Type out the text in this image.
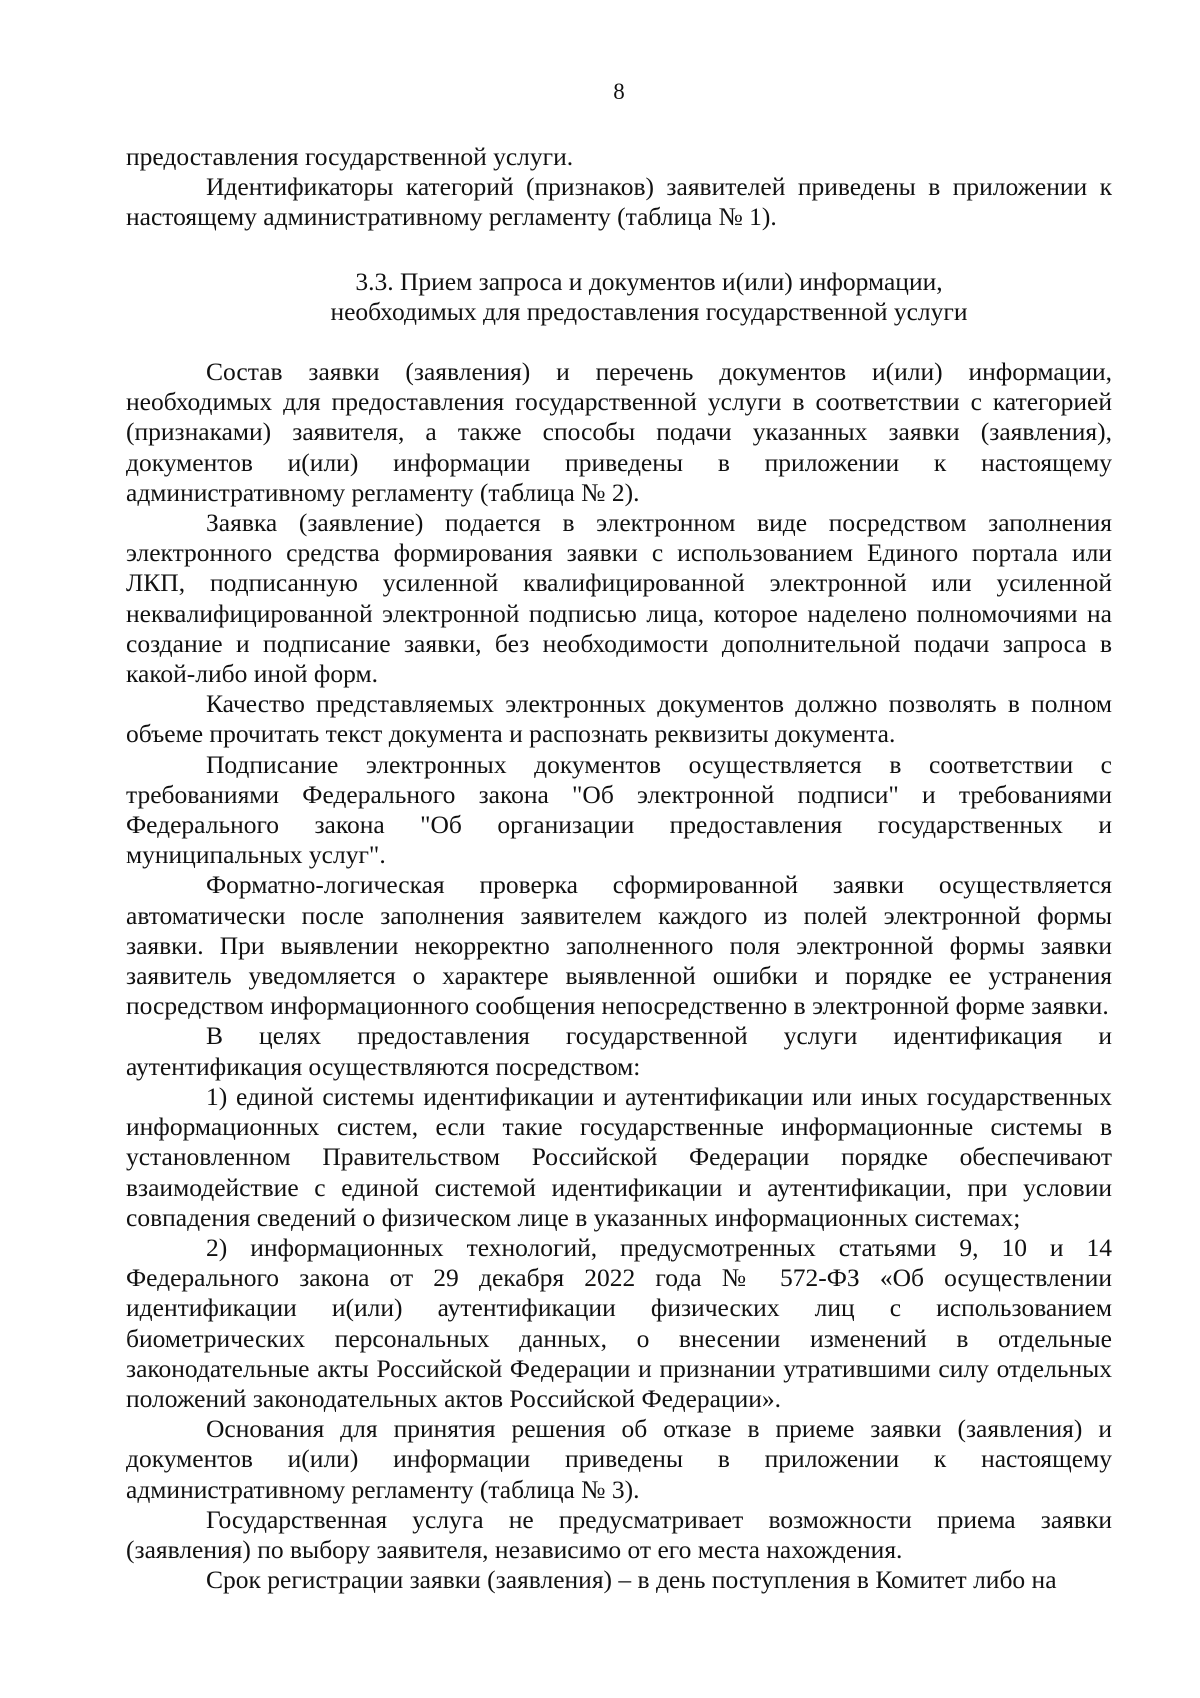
8

предоставления государственной услуги.

Идентификаторы категорий (признаков) заявителей приведены в приложении к настоящему административному регламенту (таблица № 1).

3.3. Прием запроса и документов и(или) информации,
необходимых для предоставления государственной услуги

Состав заявки (заявления) и перечень документов и(или) информации, необходимых для предоставления государственной услуги в соответствии с категорией (признаками) заявителя, а также способы подачи указанных заявки (заявления), документов и(или) информации приведены в приложении к настоящему административному регламенту (таблица № 2).

Заявка (заявление) подается в электронном виде посредством заполнения электронного средства формирования заявки с использованием Единого портала или ЛКП, подписанную усиленной квалифицированной электронной или усиленной неквалифицированной электронной подписью лица, которое наделено полномочиями на создание и подписание заявки, без необходимости дополнительной подачи запроса в какой-либо иной форм.

Качество представляемых электронных документов должно позволять в полном объеме прочитать текст документа и распознать реквизиты документа.

Подписание электронных документов осуществляется в соответствии с требованиями Федерального закона "Об электронной подписи" и требованиями Федерального закона "Об организации предоставления государственных и муниципальных услуг".

Форматно-логическая проверка сформированной заявки осуществляется автоматически после заполнения заявителем каждого из полей электронной формы заявки. При выявлении некорректно заполненного поля электронной формы заявки заявитель уведомляется о характере выявленной ошибки и порядке ее устранения посредством информационного сообщения непосредственно в электронной форме заявки.

В целях предоставления государственной услуги идентификация и аутентификация осуществляются посредством:

1) единой системы идентификации и аутентификации или иных государственных информационных систем, если такие государственные информационные системы в установленном Правительством Российской Федерации порядке обеспечивают взаимодействие с единой системой идентификации и аутентификации, при условии совпадения сведений о физическом лице в указанных информационных системах;

2) информационных технологий, предусмотренных статьями 9, 10 и 14 Федерального закона от 29 декабря 2022 года № 572-ФЗ «Об осуществлении идентификации и(или) аутентификации физических лиц с использованием биометрических персональных данных, о внесении изменений в отдельные законодательные акты Российской Федерации и признании утратившими силу отдельных положений законодательных актов Российской Федерации».

Основания для принятия решения об отказе в приеме заявки (заявления) и документов и(или) информации приведены в приложении к настоящему административному регламенту (таблица № 3).

Государственная услуга не предусматривает возможности приема заявки (заявления) по выбору заявителя, независимо от его места нахождения.

Срок регистрации заявки (заявления) – в день поступления в Комитет либо на
